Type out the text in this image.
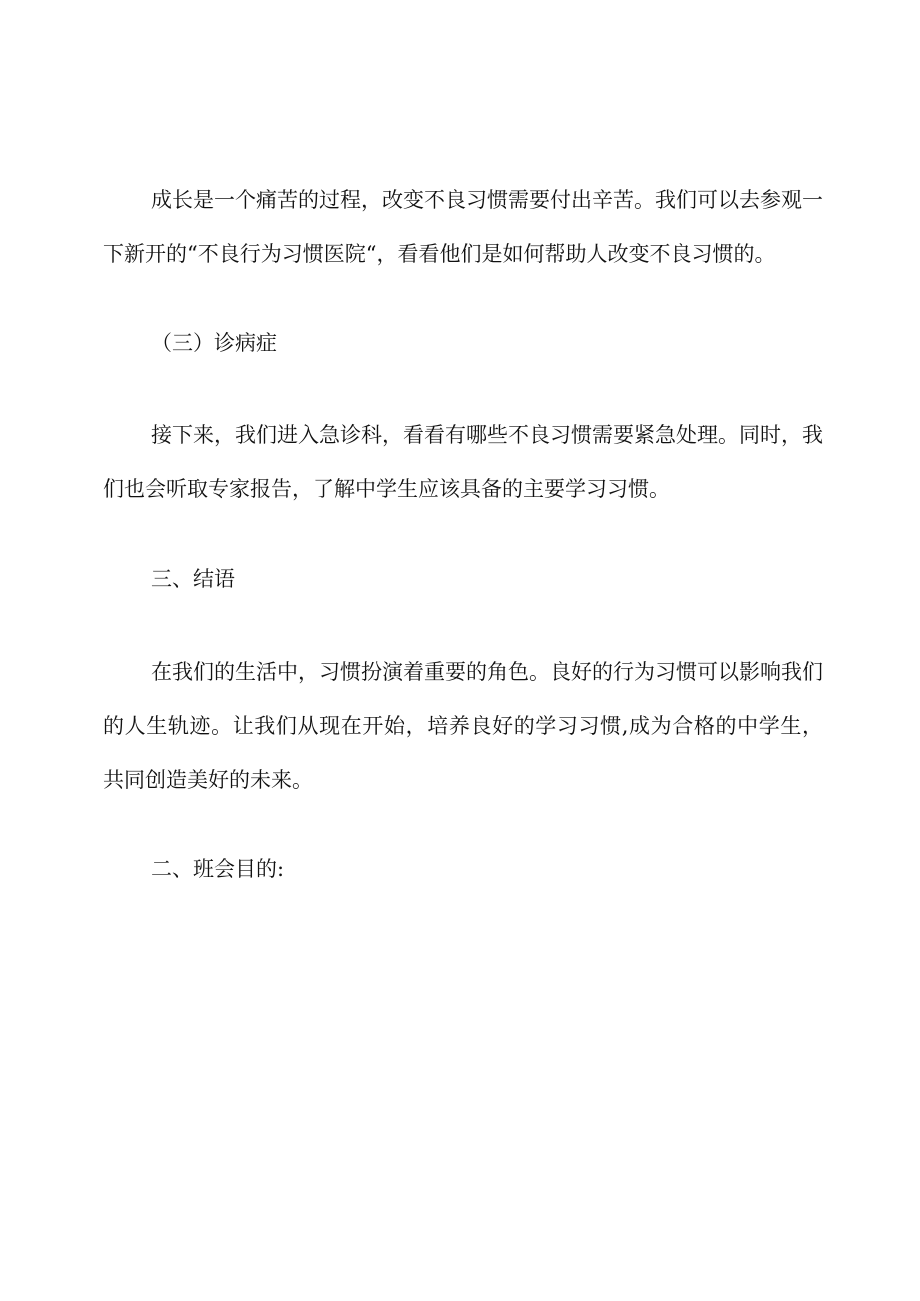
成长是一个痛苦的过程，改变不良习惯需要付出辛苦。我们可以去参观一下新开的“不良行为习惯医院“，看看他们是如何帮助人改变不良习惯的。

（三）诊病症

接下来，我们进入急诊科，看看有哪些不良习惯需要紧急处理。同时，我们也会听取专家报告，了解中学生应该具备的主要学习习惯。

三、结语

在我们的生活中，习惯扮演着重要的角色。良好的行为习惯可以影响我们的人生轨迹。让我们从现在开始，培养良好的学习习惯,成为合格的中学生，共同创造美好的未来。

二、班会目的:
